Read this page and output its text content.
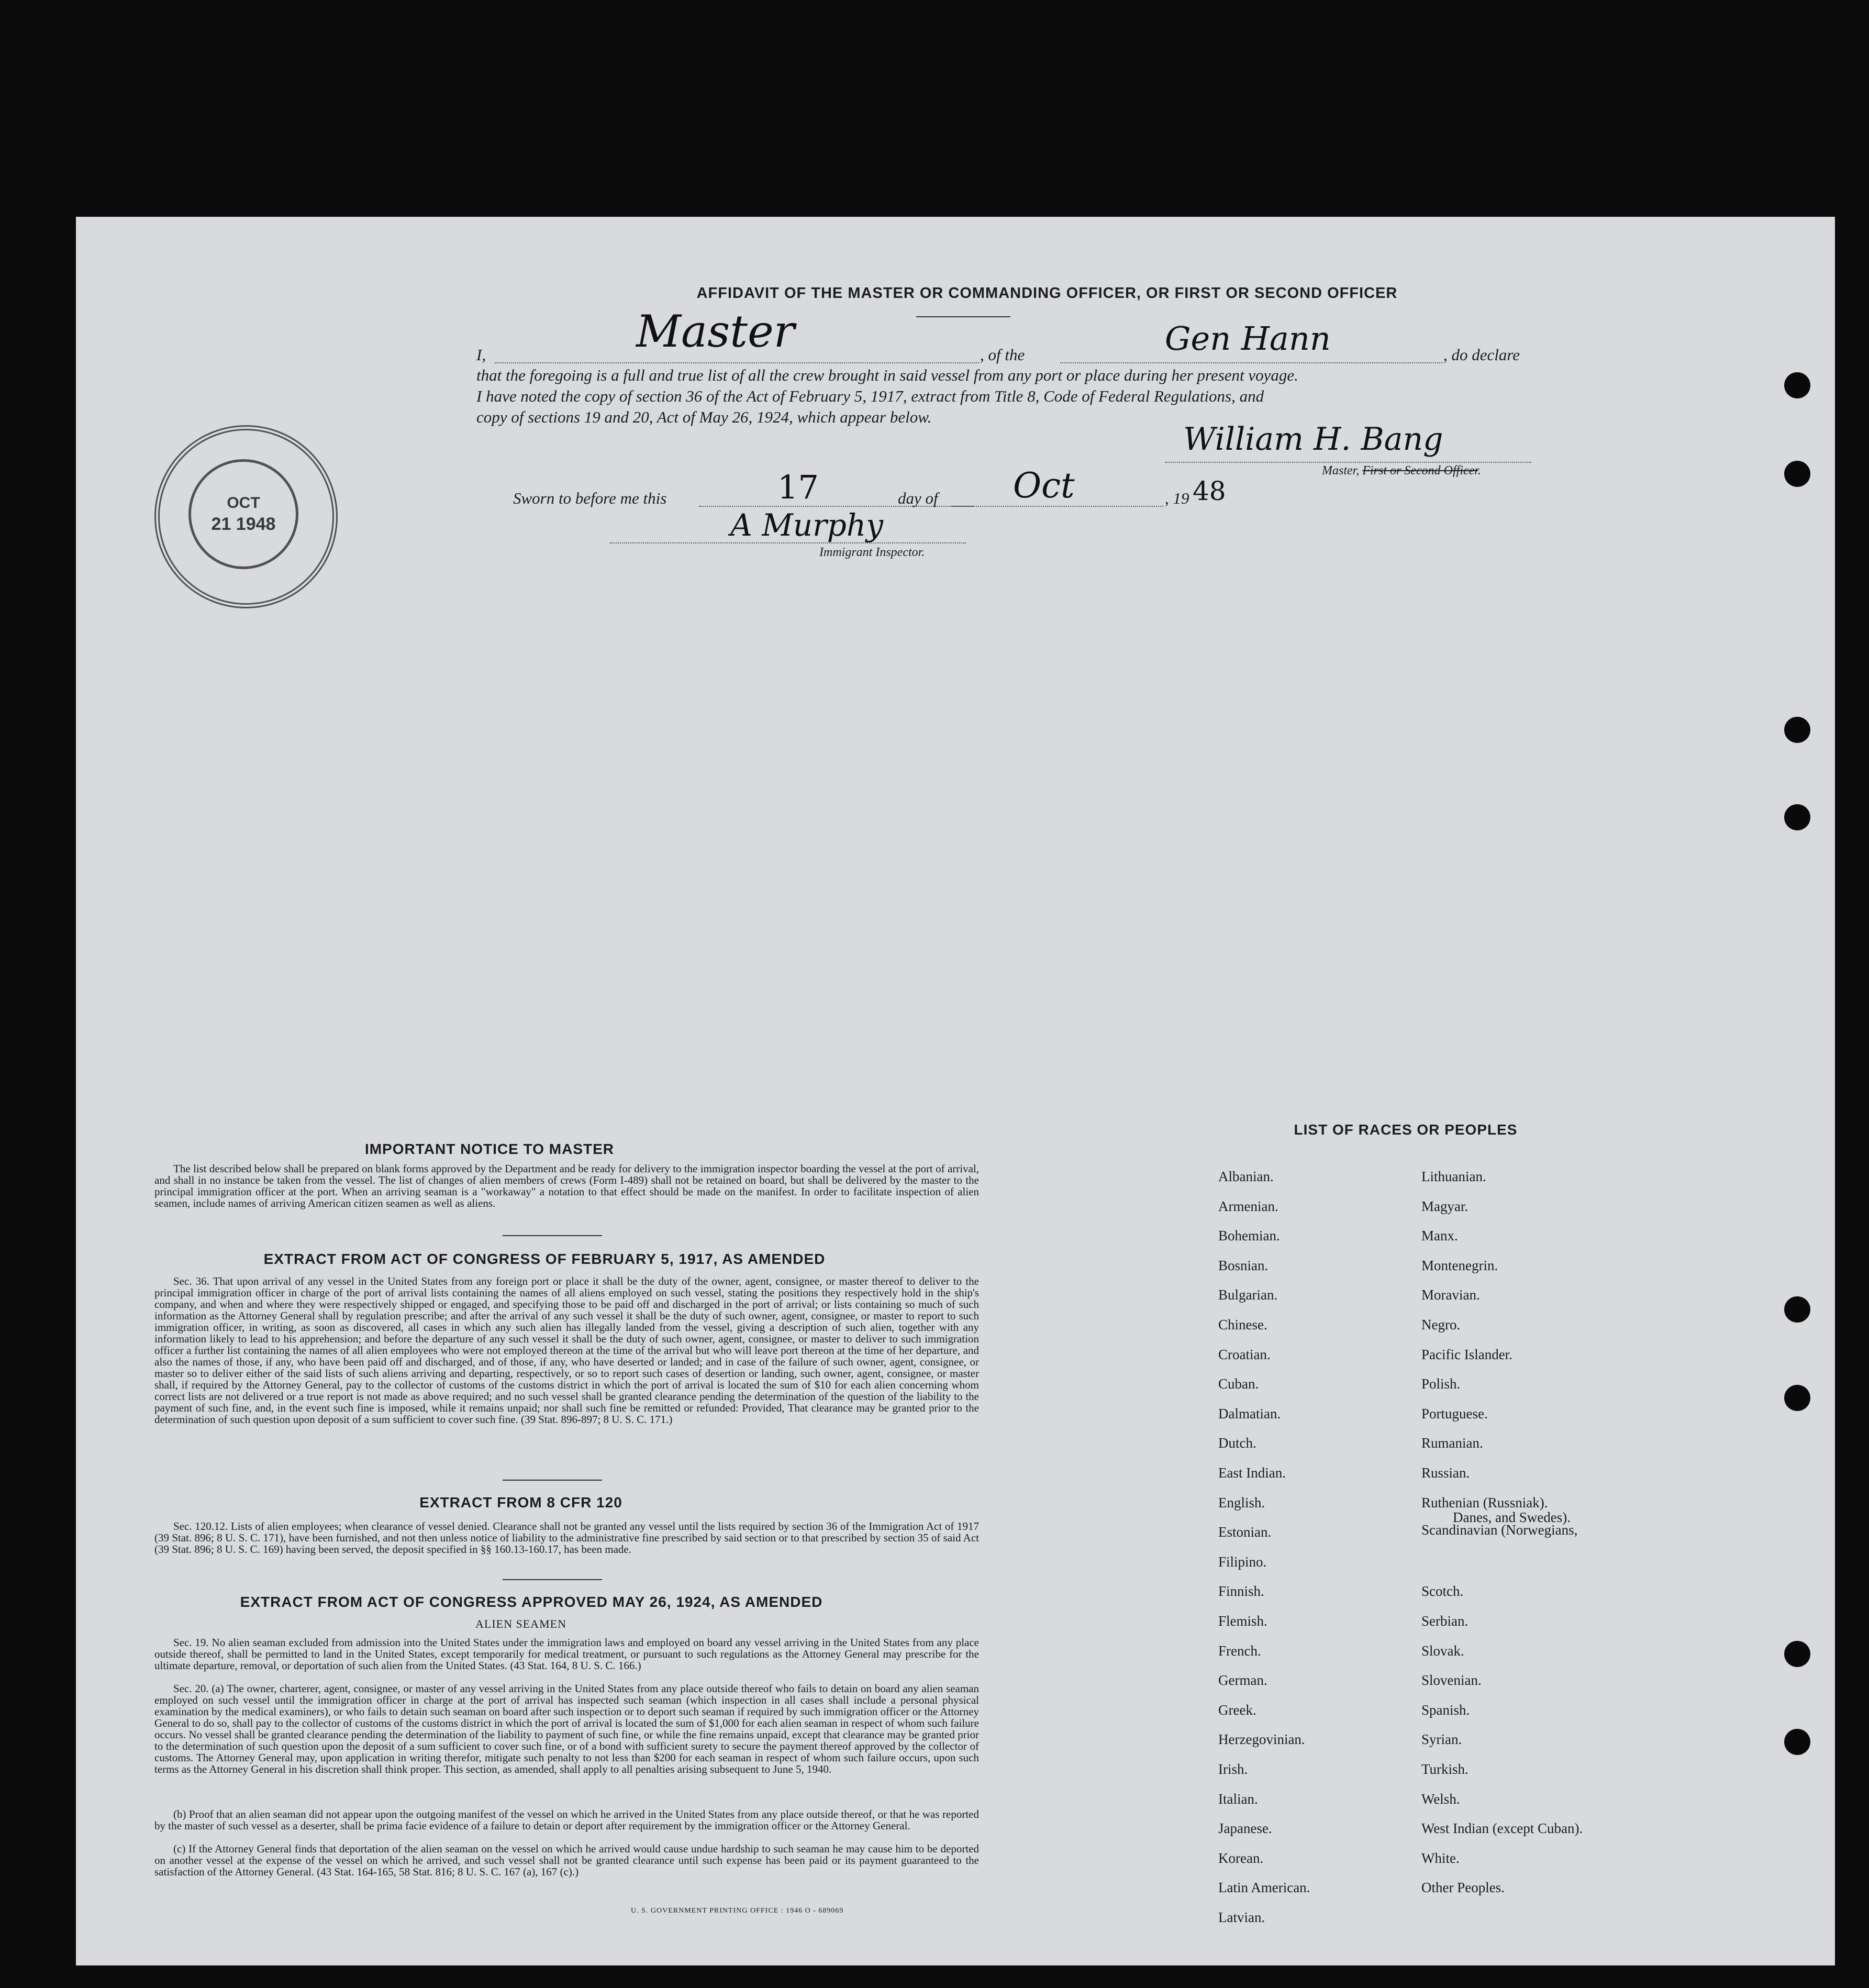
AFFIDAVIT OF THE MASTER OR COMMANDING OFFICER, OR FIRST OR SECOND OFFICER
I,	Master	, of the	Gen Hann	, do declare
that the foregoing is a full and true list of all the crew brought in said vessel from any port or place during her present voyage.
I have noted the copy of section 36 of the Act of February 5, 1917, extract from Title 8, Code of Federal Regulations, and
copy of sections 19 and 20, Act of May 26, 1924, which appear below.
William H. Bang
Master, First or Second Officer.
Sworn to before me this	17	day of Oct	, 19 48
A Murphy
Immigrant Inspector.
OCT
21 1948
IMPORTANT NOTICE TO MASTER
The list described below shall be prepared on blank forms approved by the Department and be ready for delivery to the immigration inspector boarding the vessel at the port of arrival, and shall in no instance be taken from the vessel. The list of changes of alien members of crews (Form I-489) shall not be retained on board, but shall be delivered by the master to the principal immigration officer at the port. When an arriving seaman is a "workaway" a notation to that effect should be made on the manifest. In order to facilitate inspection of alien seamen, include names of arriving American citizen seamen as well as aliens.
EXTRACT FROM ACT OF CONGRESS OF FEBRUARY 5, 1917, AS AMENDED
Sec. 36. That upon arrival of any vessel in the United States from any foreign port or place it shall be the duty of the owner, agent, consignee, or master thereof to deliver to the principal immigration officer in charge of the port of arrival lists containing the names of all aliens employed on such vessel, stating the positions they respectively hold in the ship's company, and when and where they were respectively shipped or engaged, and specifying those to be paid off and discharged in the port of arrival; or lists containing so much of such information as the Attorney General shall by regulation prescribe; and after the arrival of any such vessel it shall be the duty of such owner, agent, consignee, or master to report to such immigration officer, in writing, as soon as discovered, all cases in which any such alien has illegally landed from the vessel, giving a description of such alien, together with any information likely to lead to his apprehension; and before the departure of any such vessel it shall be the duty of such owner, agent, consignee, or master to deliver to such immigration officer a further list containing the names of all alien employees who were not employed thereon at the time of the arrival but who will leave port thereon at the time of her departure, and also the names of those, if any, who have been paid off and discharged, and of those, if any, who have deserted or landed; and in case of the failure of such owner, agent, consignee, or master so to deliver either of the said lists of such aliens arriving and departing, respectively, or so to report such cases of desertion or landing, such owner, agent, consignee, or master shall, if required by the Attorney General, pay to the collector of customs of the customs district in which the port of arrival is located the sum of $10 for each alien concerning whom correct lists are not delivered or a true report is not made as above required; and no such vessel shall be granted clearance pending the determination of the question of the liability to the payment of such fine, and, in the event such fine is imposed, while it remains unpaid; nor shall such fine be remitted or refunded: Provided, That clearance may be granted prior to the determination of such question upon deposit of a sum sufficient to cover such fine. (39 Stat. 896-897; 8 U. S. C. 171.)
EXTRACT FROM 8 CFR 120
Sec. 120.12. Lists of alien employees; when clearance of vessel denied. Clearance shall not be granted any vessel until the lists required by section 36 of the Immigration Act of 1917 (39 Stat. 896; 8 U. S. C. 171), have been furnished, and not then unless notice of liability to the administrative fine prescribed by said section or to that prescribed by section 35 of said Act (39 Stat. 896; 8 U. S. C. 169) having been served, the deposit specified in §§ 160.13-160.17, has been made.
EXTRACT FROM ACT OF CONGRESS APPROVED MAY 26, 1924, AS AMENDED
ALIEN SEAMEN
Sec. 19. No alien seaman excluded from admission into the United States under the immigration laws and employed on board any vessel arriving in the United States from any place outside thereof, shall be permitted to land in the United States, except temporarily for medical treatment, or pursuant to such regulations as the Attorney General may prescribe for the ultimate departure, removal, or deportation of such alien from the United States. (43 Stat. 164, 8 U. S. C. 166.)
Sec. 20. (a) The owner, charterer, agent, consignee, or master of any vessel arriving in the United States from any place outside thereof who fails to detain on board any alien seaman employed on such vessel until the immigration officer in charge at the port of arrival has inspected such seaman (which inspection in all cases shall include a personal physical examination by the medical examiners), or who fails to detain such seaman on board after such inspection or to deport such seaman if required by such immigration officer or the Attorney General to do so, shall pay to the collector of customs of the customs district in which the port of arrival is located the sum of $1,000 for each alien seaman in respect of whom such failure occurs. No vessel shall be granted clearance pending the determination of the liability to payment of such fine, or while the fine remains unpaid, except that clearance may be granted prior to the determination of such question upon the deposit of a sum sufficient to cover such fine, or of a bond with sufficient surety to secure the payment thereof approved by the collector of customs. The Attorney General may, upon application in writing therefor, mitigate such penalty to not less than $200 for each seaman in respect of whom such failure occurs, upon such terms as the Attorney General in his discretion shall think proper. This section, as amended, shall apply to all penalties arising subsequent to June 5, 1940.
(b) Proof that an alien seaman did not appear upon the outgoing manifest of the vessel on which he arrived in the United States from any place outside thereof, or that he was reported by the master of such vessel as a deserter, shall be prima facie evidence of a failure to detain or deport after requirement by the immigration officer or the Attorney General.
(c) If the Attorney General finds that deportation of the alien seaman on the vessel on which he arrived would cause undue hardship to such seaman he may cause him to be deported on another vessel at the expense of the vessel on which he arrived, and such vessel shall not be granted clearance until such expense has been paid or its payment guaranteed to the satisfaction of the Attorney General. (43 Stat. 164-165, 58 Stat. 816; 8 U. S. C. 167 (a), 167 (c).)
U. S. GOVERNMENT PRINTING OFFICE : 1946 O - 689069
LIST OF RACES OR PEOPLES
Albanian.
Armenian.
Bohemian.
Bosnian.
Bulgarian.
Chinese.
Croatian.
Cuban.
Dalmatian.
Dutch.
East Indian.
English.
Estonian.
Filipino.
Finnish.
Flemish.
French.
German.
Greek.
Herzegovinian.
Irish.
Italian.
Japanese.
Korean.
Latin American.
Latvian.
Lithuanian.
Magyar.
Manx.
Montenegrin.
Moravian.
Negro.
Pacific Islander.
Polish.
Portuguese.
Rumanian.
Russian.
Ruthenian (Russniak).
Scandinavian (Norwegians,
Danes, and Swedes).
Scotch.
Serbian.
Slovak.
Slovenian.
Spanish.
Syrian.
Turkish.
Welsh.
West Indian (except Cuban).
White.
Other Peoples.
